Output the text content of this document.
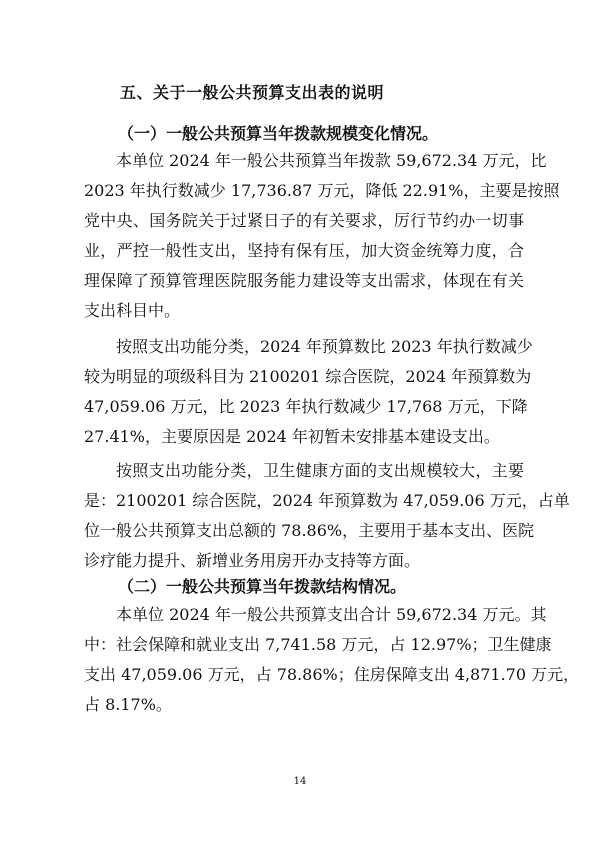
五、关于一般公共预算支出表的说明
（一）一般公共预算当年拨款规模变化情况。
本单位 2024 年一般公共预算当年拨款 59,672.34 万元，比
2023 年执行数减少 17,736.87 万元，降低 22.91%，主要是按照
党中央、国务院关于过紧日子的有关要求，厉行节约办一切事
业，严控一般性支出，坚持有保有压，加大资金统筹力度，合
理保障了预算管理医院服务能力建设等支出需求，体现在有关
支出科目中。
按照支出功能分类，2024 年预算数比 2023 年执行数减少
较为明显的项级科目为 2100201 综合医院，2024 年预算数为
47,059.06 万元，比 2023 年执行数减少 17,768 万元，下降
27.41%，主要原因是 2024 年初暂未安排基本建设支出。
按照支出功能分类，卫生健康方面的支出规模较大，主要
是：2100201 综合医院，2024 年预算数为 47,059.06 万元，占单
位一般公共预算支出总额的 78.86%，主要用于基本支出、医院
诊疗能力提升、新增业务用房开办支持等方面。
（二）一般公共预算当年拨款结构情况。
本单位 2024 年一般公共预算支出合计 59,672.34 万元。其
中：社会保障和就业支出 7,741.58 万元，占 12.97%；卫生健康
支出 47,059.06 万元，占 78.86%；住房保障支出 4,871.70 万元，
占 8.17%。
14
